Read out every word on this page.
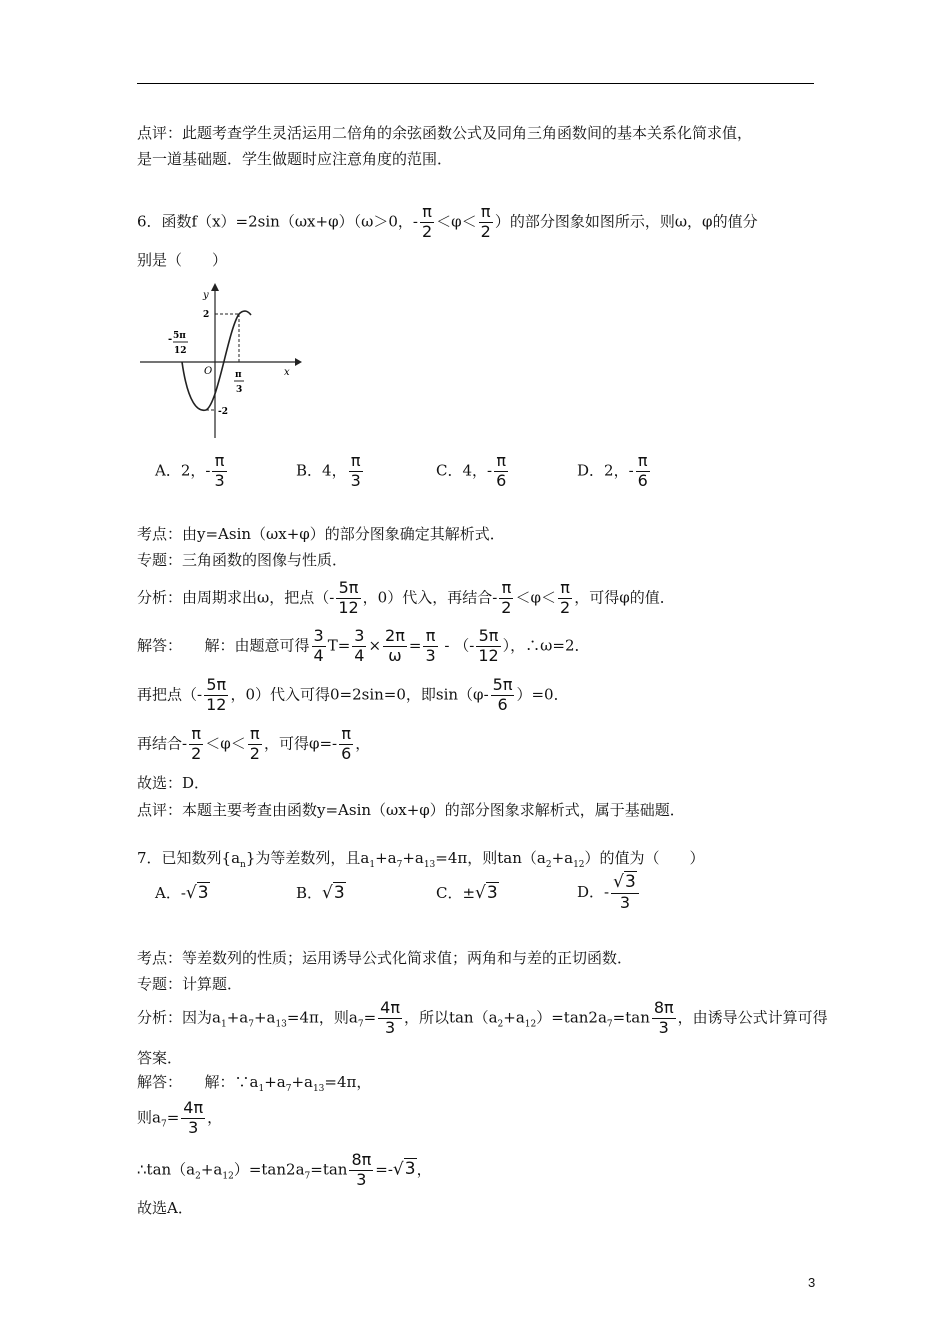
点评：此题考查学生灵活运用二倍角的余弦函数公式及同角三角函数间的基本关系化简求值，
是一道基础题．学生做题时应注意角度的范围．
6．函数f（x）=2sin（ωx+φ）（ω＞0，- $\frac{\pi}{2} <\varphi< \frac{\pi}{2}$ ）的部分图象如图所示，则ω，φ的值分
别是（　　）
y
x
O
2
-2
- 5π
12
π
3
A．2，- $\frac{\pi}{3}$	B．4， $\frac{\pi}{3}$	C．4，- $\frac{\pi}{6}$	D．2，- $\frac{\pi}{6}$
考点：由y=Asin（ωx+φ）的部分图象确定其解析式．
专题：三角函数的图像与性质．
分析：由周期求出ω，把点（- $\frac{5\pi}{12}$ ，0）代入，再结合- $\frac{\pi}{2} <\varphi< \frac{\pi}{2}$ ，可得φ的值．
解答：　　解：由题意可得 $\frac{3}{4} T= \frac{3}{4} \times \frac{2\pi}{\omega} = \frac{\pi}{3}$ - （- $\frac{5\pi}{12}$ ），∴ω=2．
再把点（- $\frac{5\pi}{12}$ ，0）代入可得0=2sin=0，即$\sin(\varphi- \frac{5\pi}{6} )=0$．
再结合- $\frac{\pi}{2} <\varphi< \frac{\pi}{2}$ ，可得$\varphi=- \frac{\pi}{6}$ ，
故选：D．
点评：本题主要考查由函数y=Asin（ωx+φ）的部分图象求解析式，属于基础题．
7．已知数列$\{a_n\}$为等差数列，且$a_1+a_7+a_{13}=4\pi$，则$\tan(a_2+a_{12})$的值为（　　）
A．-√3	B．√3	C．±√3	D．- $\frac{√3}{3}$
考点：等差数列的性质；运用诱导公式化简求值；两角和与差的正切函数．
专题：计算题．
分析：因为$a_1+a_7+a_{13}=4\pi$，则$a_7= \frac{4\pi}{3}$ ，所以$\tan(a_2+a_{12})=\tan 2a_7=\tan \frac{8\pi}{3}$ ，由诱导公式计算可得
答案．
解答：　　解：$\because a_1+a_7+a_{13}=4\pi$，
则$a_7= \frac{4\pi}{3}$ ，
$\therefore\tan(a_2+a_{12})=\tan 2a_7=\tan \frac{8\pi}{3} =-√3$，
故选A．
3
